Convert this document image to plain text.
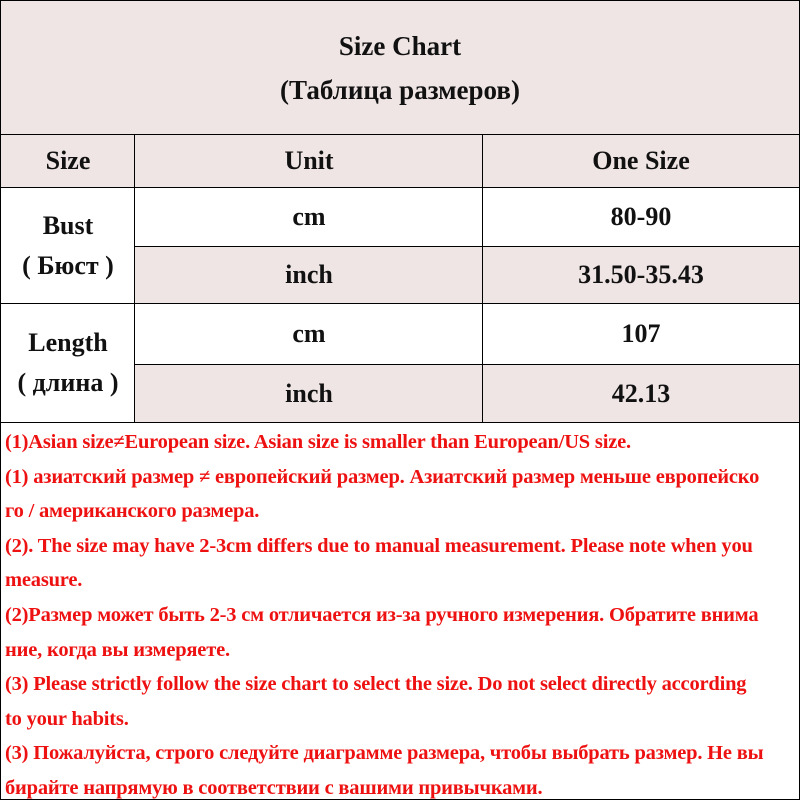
Size Chart
(Таблица размеров)
Size	Unit	One Size
Bust
( Бюст )
cm	80-90
inch	31.50-35.43
Length
( длина )
cm	107
inch	42.13
(1)Asian size≠European size. Asian size is smaller than European/US size.
(1) азиатский размер ≠ европейский размер. Азиатский размер меньше европейско
го / американского размера.
(2). The size may have 2-3cm differs due to manual measurement. Please note when you
measure.
(2)Размер может быть 2-3 см отличается из-за ручного измерения. Обратите внима
ние, когда вы измеряете.
(3) Please strictly follow the size chart to select the size. Do not select directly according
to your habits.
(3) Пожалуйста, строго следуйте диаграмме размера, чтобы выбрать размер. Не вы
бирайте напрямую в соответствии с вашими привычками.
